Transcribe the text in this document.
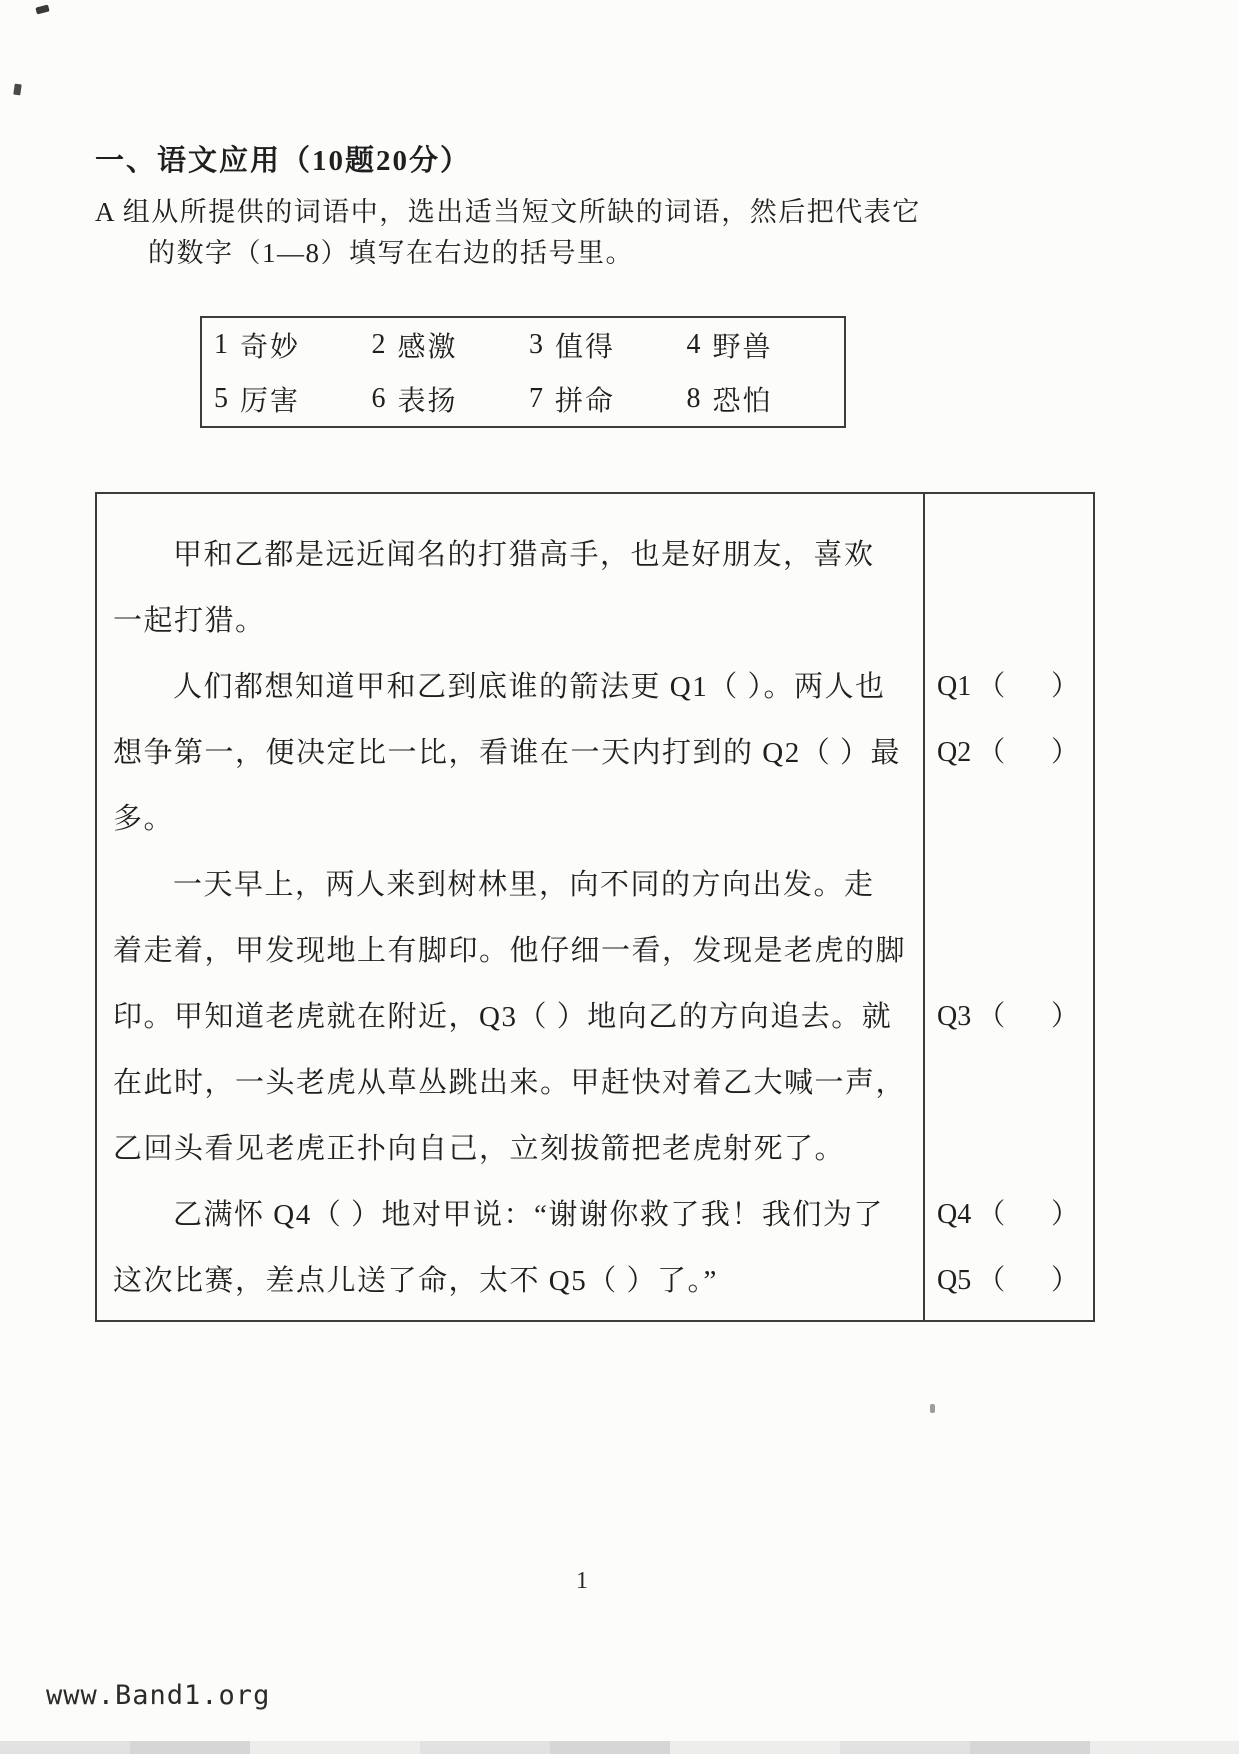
一、语文应用（10题20分）
A 组从所提供的词语中，选出适当短文所缺的词语，然后把代表它
的数字（1—8）填写在右边的括号里。
1 奇妙	2 感激	3 值得	4 野兽
5 厉害	6 表扬	7 拼命	8 恐怕
甲和乙都是远近闻名的打猎高手，也是好朋友，喜欢
一起打猎。
人们都想知道甲和乙到底谁的箭法更 Q1（ ）。两人也
想争第一，便决定比一比，看谁在一天内打到的 Q2（ ）最
多。
一天早上，两人来到树林里，向不同的方向出发。走
着走着，甲发现地上有脚印。他仔细一看，发现是老虎的脚
印。甲知道老虎就在附近，Q3（ ）地向乙的方向追去。就
在此时，一头老虎从草丛跳出来。甲赶快对着乙大喊一声，
乙回头看见老虎正扑向自己，立刻拔箭把老虎射死了。
乙满怀 Q4（ ）地对甲说：“谢谢你救了我！我们为了
这次比赛，差点儿送了命，太不 Q5（ ）了。”
Q1 （ ）
Q2 （ ）
Q3 （ ）
Q4 （ ）
Q5 （ ）
1
www.Band1.org
